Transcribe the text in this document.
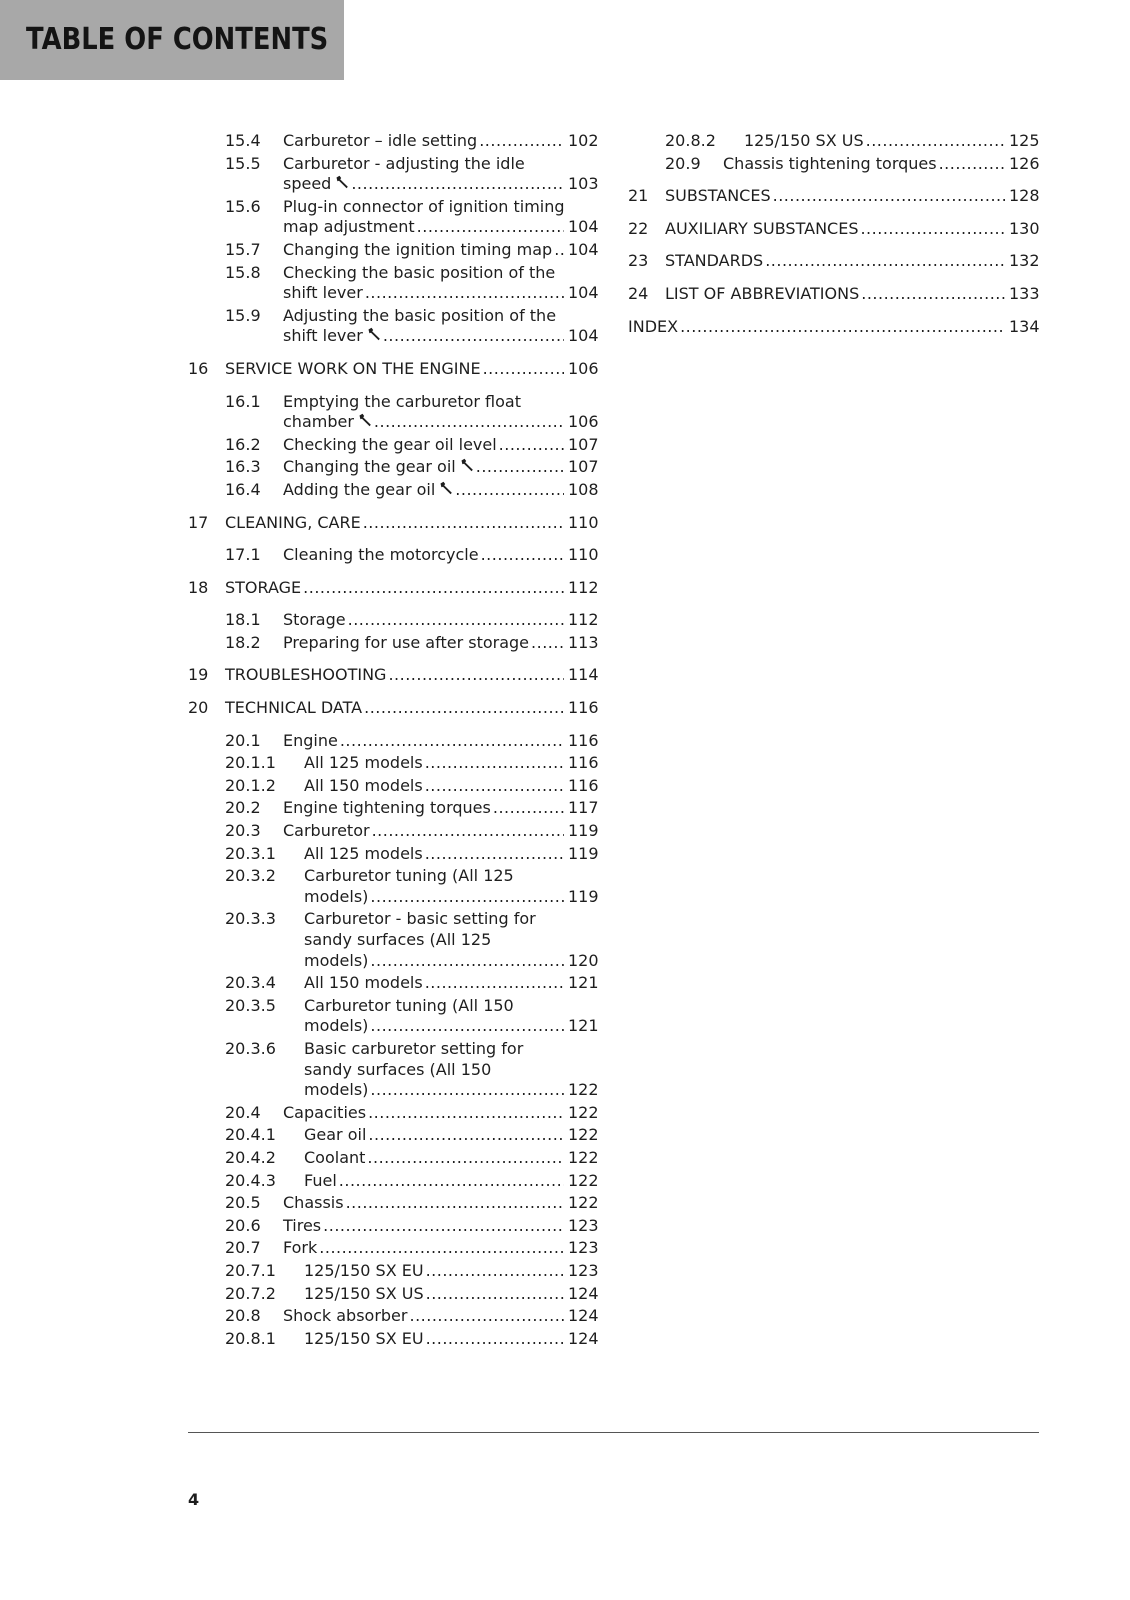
TABLE OF CONTENTS
15.4 Carburetor – idle setting .....	102
15.5 Carburetor - adjusting the idle
speed .....	103
15.6 Plug-in connector of ignition timing
map adjustment .....	104
15.7 Changing the ignition timing map ..... 104
15.8 Checking the basic position of the
shift lever .....	104
15.9 Adjusting the basic position of the
shift lever .....	104
16 SERVICE WORK ON THE ENGINE .....	106
16.1 Emptying the carburetor float
chamber .....	106
16.2 Checking the gear oil level .....	107
16.3 Changing the gear oil .....	107
16.4 Adding the gear oil .....	108
17 CLEANING, CARE .....	110
17.1 Cleaning the motorcycle .....	110
18 STORAGE .....	112
18.1 Storage .....	112
18.2 Preparing for use after storage ..... 113
19 TROUBLESHOOTING .....	114
20 TECHNICAL DATA .....	116
20.1 Engine .....	116
20.1.1 All 125 models .....	116
20.1.2 All 150 models .....	116
20.2 Engine tightening torques .....	117
20.3 Carburetor .....	119
20.3.1 All 125 models .....	119
20.3.2 Carburetor tuning (All 125
models) .....	119
20.3.3 Carburetor - basic setting for
sandy surfaces (All 125
models) .....	120
20.3.4 All 150 models .....	121
20.3.5 Carburetor tuning (All 150
models) .....	121
20.3.6 Basic carburetor setting for
sandy surfaces (All 150
models) .....	122
20.4 Capacities .....	122
20.4.1 Gear oil .....	122
20.4.2 Coolant .....	122
20.4.3 Fuel .....	122
20.5 Chassis .....	122
20.6 Tires .....	123
20.7 Fork .....	123
20.7.1 125/150 SX EU .....	123
20.7.2 125/150 SX US .....	124
20.8 Shock absorber .....	124
20.8.1 125/150 SX EU .....	124
20.8.2 125/150 SX US .....	125
20.9 Chassis tightening torques .....	126
21 SUBSTANCES .....	128
22 AUXILIARY SUBSTANCES .....	130
23 STANDARDS .....	132
24 LIST OF ABBREVIATIONS .....	133
INDEX .....	134
4
